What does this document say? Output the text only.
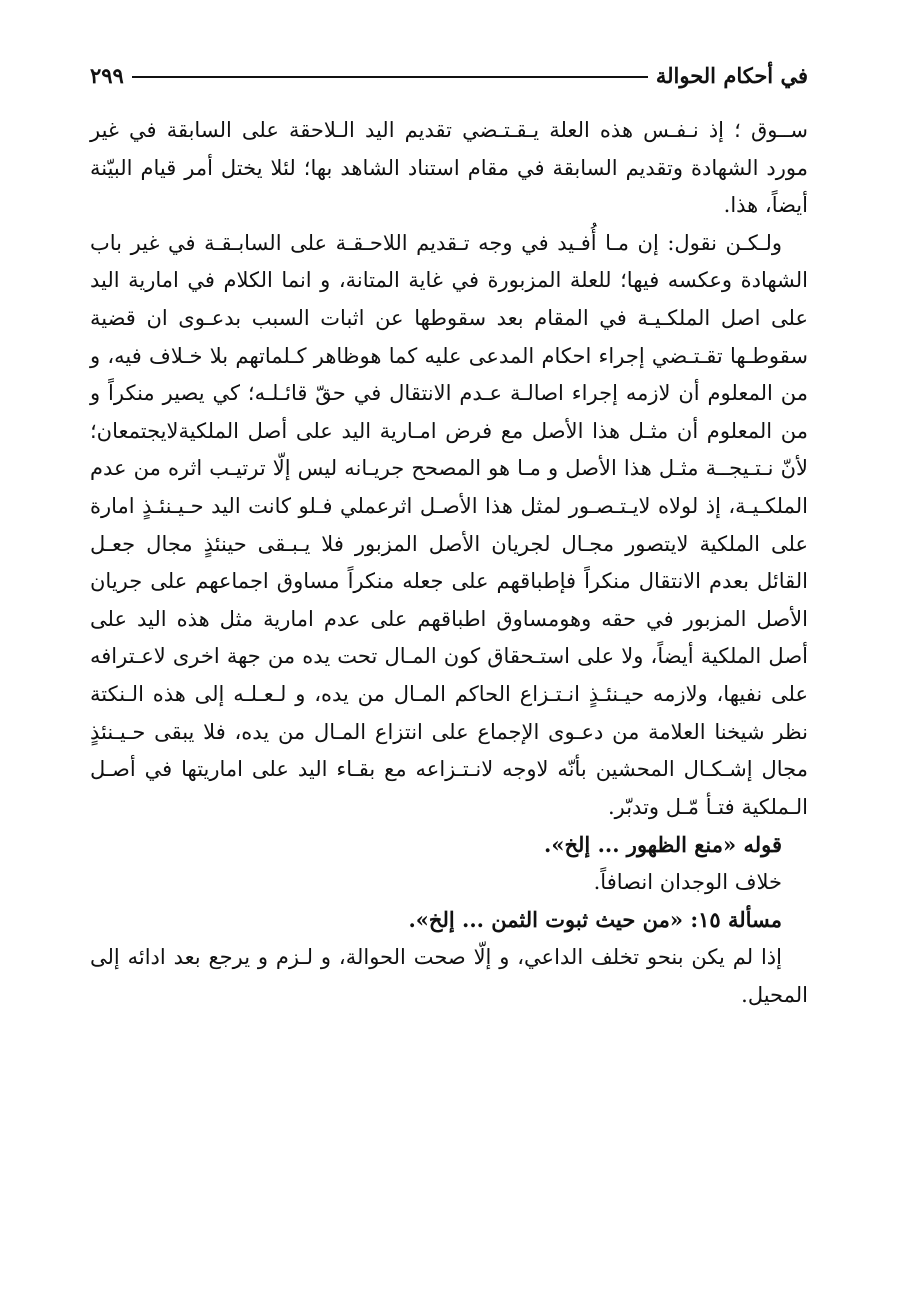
في أحكام الحوالة
٢٩٩

ســوق ؛ إذ نـفـس هذه العلة يـقـتـضي تقديم اليد الـلاحقة على السابقة في غير مورد الشهادة وتقديم السابقة في مقام استناد الشاهد بها؛ لئلا يختل أمر قيام البيّنة أيضاً، هذا.

ولـكـن نقول: إن مـا أُفـيد في وجه تـقديم اللاحـقـة على السابـقـة في غير باب الشهادة وعكسه فيها؛ للعلة المزبورة في غاية المتانة، و انما الكلام في امارية اليد على اصل الملكـيـة في المقام بعد سقوطها عن اثبات السبب بدعـوى ان قضية سقوطـها تقـتـضي إجراء احكام المدعى عليه كما هوظاهر كـلماتهم بلا خـلاف فيه، و من المعلوم أن لازمه إجراء اصالـة عـدم الانتقال في حقّ قائـلـه؛ كي يصير منكراً و من المعلوم أن مثـل هذا الأصل مع فرض امـارية اليد على أصل الملكيةلايجتمعان؛ لأنّ نـتـيجــة مثـل هذا الأصل و مـا هو المصحح جريـانه ليس إلّا ترتيـب اثره من عدم الملكـيـة، إذ لولاه لايـتـصـور لمثل هذا الأصـل اثرعملي فـلو كانت اليد حـيـنئـذٍ امارة على الملكية لايتصور مجـال لجريان الأصل المزبور فلا يـبـقى حينئذٍ مجال جعـل القائل بعدم الانتقال منكراً فإطباقهم على جعله منكراً مساوق اجماعهم على جريان الأصل المزبور في حقه وهومساوق اطباقهم على عدم امارية مثل هذه اليد على أصل الملكية أيضاً، ولا على استـحقاق كون المـال تحت يده من جهة اخرى لاعـترافه على نفيها، ولازمه حيـنئـذٍ انـتـزاع الحاكم المـال من يده، و لـعـلـه إلى هذه الـنكتة نظر شيخنا العلامة من دعـوى الإجماع على انتزاع المـال من يده، فلا يبقى حـيـنئذٍ مجال إشـكـال المحشين بأنّه لاوجه لانـتـزاعه مع بقـاء اليد على اماريتها في أصـل الـملكية فتـأ مّـل وتدبّر.

قوله «منع الظهور ... إلخ».

خلاف الوجدان انصافاً.

مسألة ١٥: «من حيث ثبوت الثمن ... إلخ».

إذا لم يكن بنحو تخلف الداعي، و إلّا صحت الحوالة، و لـزم و يرجع بعد ادائه إلى المحيل.
